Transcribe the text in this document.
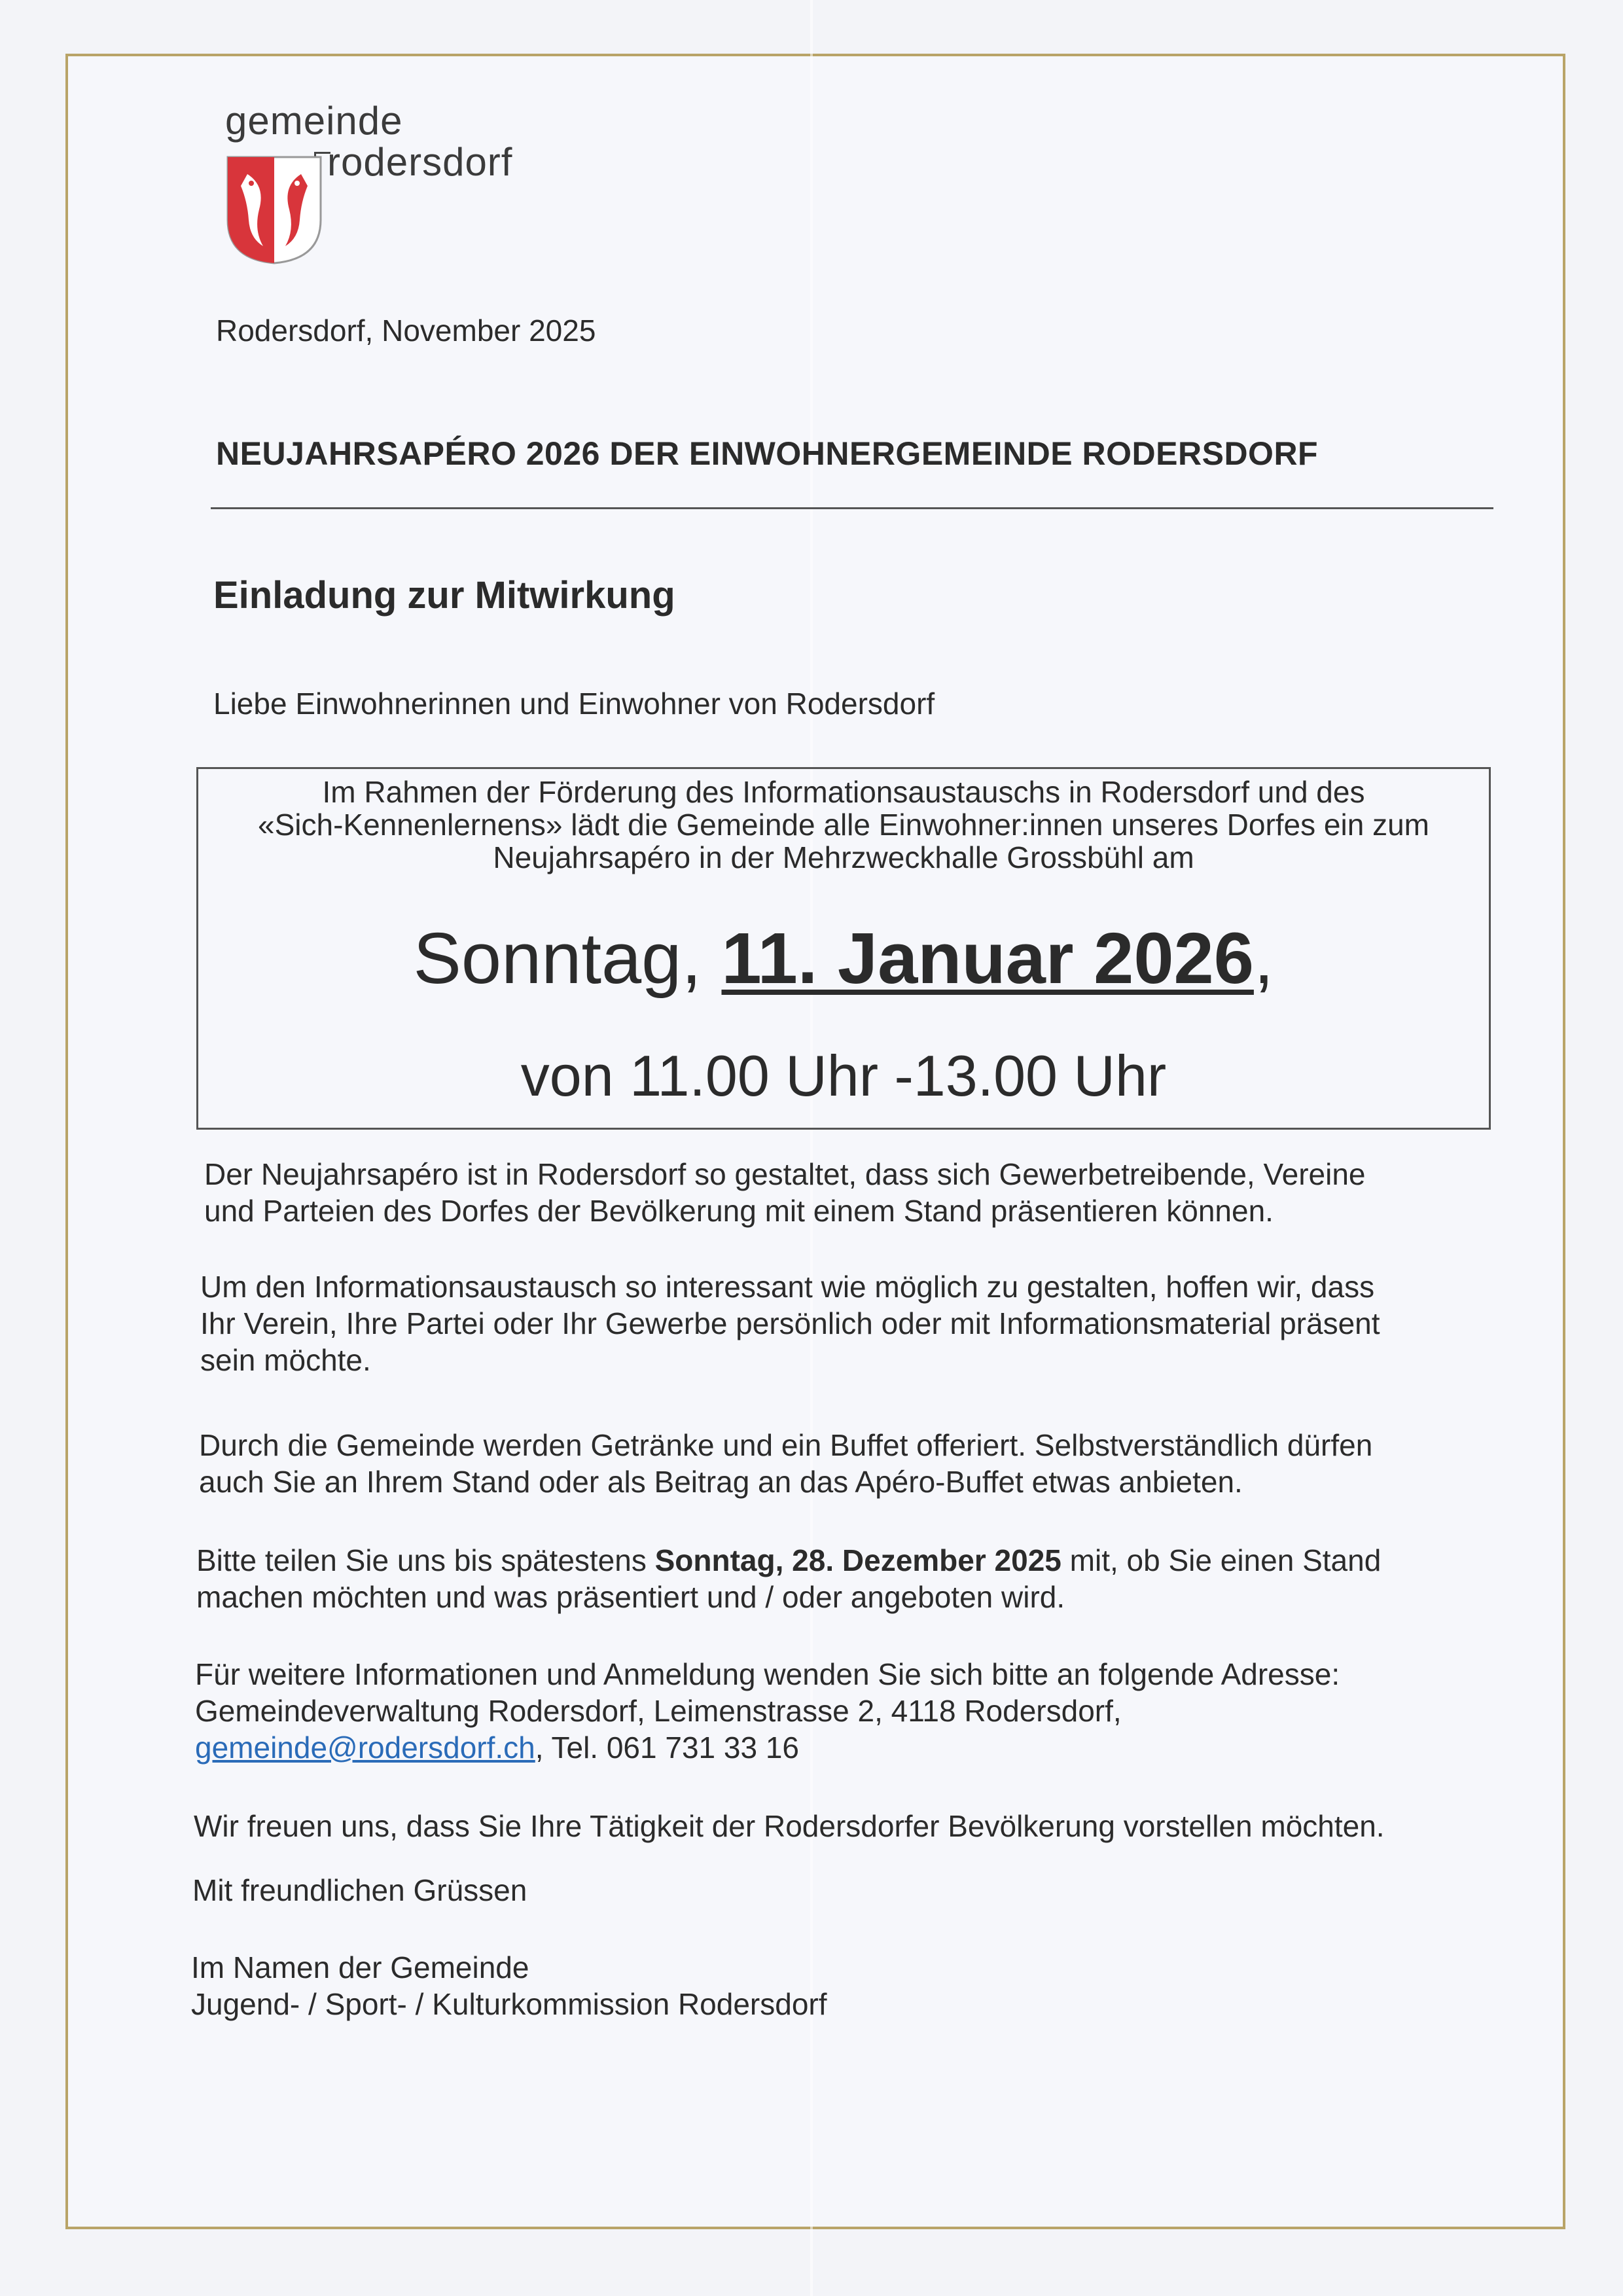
gemeinde
rodersdorf
Rodersdorf, November 2025
NEUJAHRSAPÉRO 2026 DER EINWOHNERGEMEINDE RODERSDORF
Einladung zur Mitwirkung
Liebe Einwohnerinnen und Einwohner von Rodersdorf
Im Rahmen der Förderung des Informationsaustauschs in Rodersdorf und des
«Sich-Kennenlernens» lädt die Gemeinde alle Einwohner:innen unseres Dorfes ein zum
Neujahrsapéro in der Mehrzweckhalle Grossbühl am
Sonntag, 11. Januar 2026,
von 11.00 Uhr -13.00 Uhr
Der Neujahrsapéro ist in Rodersdorf so gestaltet, dass sich Gewerbetreibende, Vereine
und Parteien des Dorfes der Bevölkerung mit einem Stand präsentieren können.
Um den Informationsaustausch so interessant wie möglich zu gestalten, hoffen wir, dass
Ihr Verein, Ihre Partei oder Ihr Gewerbe persönlich oder mit Informationsmaterial präsent
sein möchte.
Durch die Gemeinde werden Getränke und ein Buffet offeriert. Selbstverständlich dürfen
auch Sie an Ihrem Stand oder als Beitrag an das Apéro-Buffet etwas anbieten.
Bitte teilen Sie uns bis spätestens Sonntag, 28. Dezember 2025 mit, ob Sie einen Stand
machen möchten und was präsentiert und / oder angeboten wird.
Für weitere Informationen und Anmeldung wenden Sie sich bitte an folgende Adresse:
Gemeindeverwaltung Rodersdorf, Leimenstrasse 2, 4118 Rodersdorf,
gemeinde@rodersdorf.ch, Tel. 061 731 33 16
Wir freuen uns, dass Sie Ihre Tätigkeit der Rodersdorfer Bevölkerung vorstellen möchten.
Mit freundlichen Grüssen
Im Namen der Gemeinde
Jugend- / Sport- / Kulturkommission Rodersdorf
